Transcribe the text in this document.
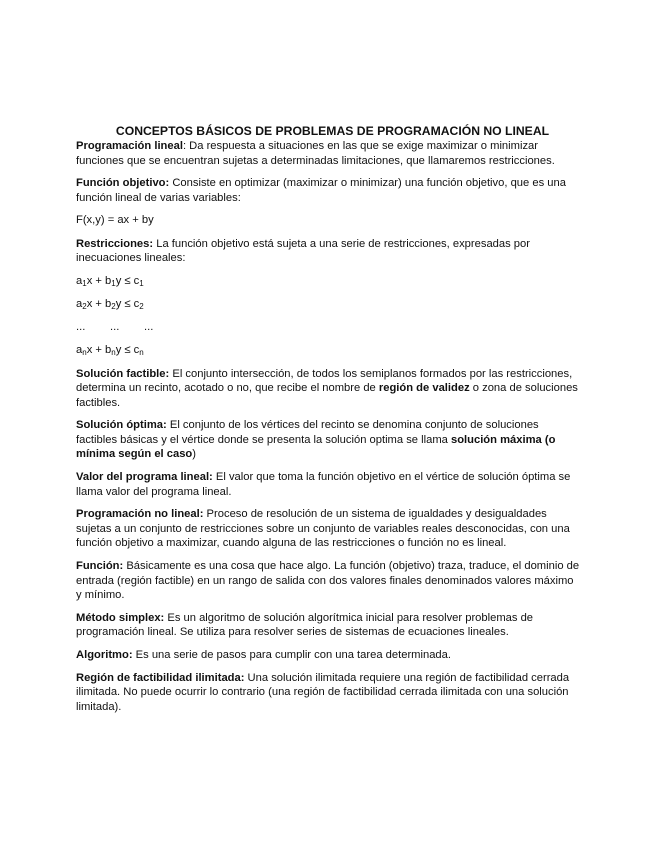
CONCEPTOS BÁSICOS DE PROBLEMAS DE PROGRAMACIÓN NO LINEAL

Programación lineal: Da respuesta a situaciones en las que se exige maximizar o minimizar funciones que se encuentran sujetas a determinadas limitaciones, que llamaremos restricciones.

Función objetivo: Consiste en optimizar (maximizar o minimizar) una función objetivo, que es una función lineal de varias variables:

F(x,y) = ax + by

Restricciones: La función objetivo está sujeta a una serie de restricciones, expresadas por inecuaciones lineales:

$a_1x + b_1y \le c_1$
$a_2x + b_2y \le c_2$
... ... ...
$a_nx + b_ny \le c_n$

Solución factible: El conjunto intersección, de todos los semiplanos formados por las restricciones, determina un recinto, acotado o no, que recibe el nombre de región de validez o zona de soluciones factibles.

Solución óptima: El conjunto de los vértices del recinto se denomina conjunto de soluciones factibles básicas y el vértice donde se presenta la solución optima se llama solución máxima (o mínima según el caso)

Valor del programa lineal: El valor que toma la función objetivo en el vértice de solución óptima se llama valor del programa lineal.

Programación no lineal: Proceso de resolución de un sistema de igualdades y desigualdades sujetas a un conjunto de restricciones sobre un conjunto de variables reales desconocidas, con una función objetivo a maximizar, cuando alguna de las restricciones o función no es lineal.

Función: Básicamente es una cosa que hace algo. La función (objetivo) traza, traduce, el dominio de entrada (región factible) en un rango de salida con dos valores finales denominados valores máximo y mínimo.

Método simplex: Es un algoritmo de solución algorítmica inicial para resolver problemas de programación lineal. Se utiliza para resolver series de sistemas de ecuaciones lineales.

Algoritmo: Es una serie de pasos para cumplir con una tarea determinada.

Región de factibilidad ilimitada: Una solución ilimitada requiere una región de factibilidad cerrada ilimitada. No puede ocurrir lo contrario (una región de factibilidad cerrada ilimitada con una solución limitada).
